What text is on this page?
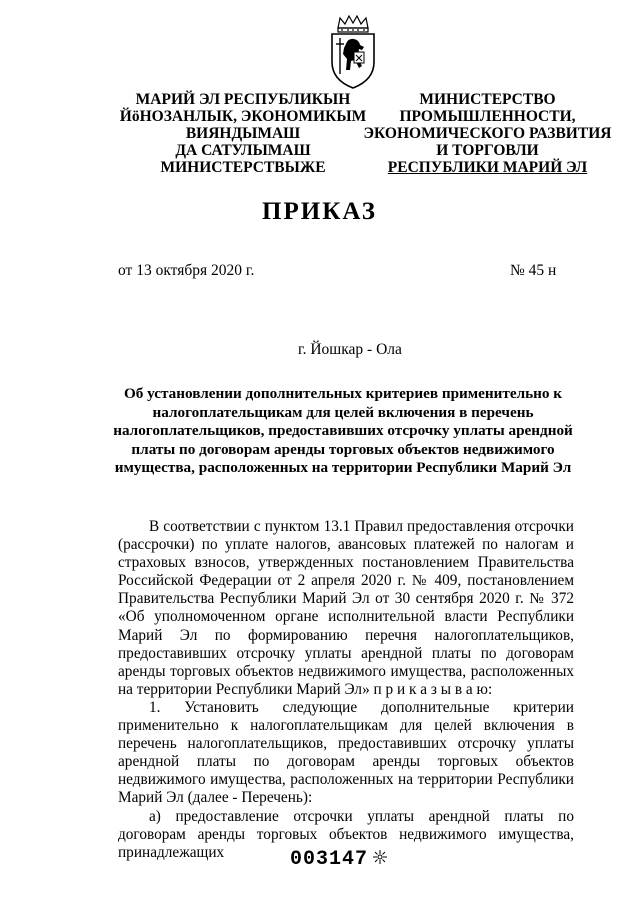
МАРИЙ ЭЛ РЕСПУБЛИКЫН
ЙӧНОЗАНЛЫК, ЭКОНОМИКЫМ
ВИЯНДЫМАШ
ДА САТУЛЫМАШ
МИНИСТЕРСТВЫЖЕ
МИНИСТЕРСТВО
ПРОМЫШЛЕННОСТИ,
ЭКОНОМИЧЕСКОГО РАЗВИТИЯ
И ТОРГОВЛИ
РЕСПУБЛИКИ МАРИЙ ЭЛ
ПРИКАЗ
от 13 октября 2020 г.	№ 45 н
г. Йошкар - Ола
Об установлении дополнительных критериев применительно к налогоплательщикам для целей включения в перечень налогоплательщиков, предоставивших отсрочку уплаты арендной платы по договорам аренды торговых объектов недвижимого имущества, расположенных на территории Республики Марий Эл

В соответствии с пунктом 13.1 Правил предоставления отсрочки (рассрочки) по уплате налогов, авансовых платежей по налогам и страховых взносов, утвержденных постановлением Правительства Российской Федерации от 2 апреля 2020 г. № 409, постановлением Правительства Республики Марий Эл от 30 сентября 2020 г. № 372 «Об уполномоченном органе исполнительной власти Республики Марий Эл по формированию перечня налогоплательщиков, предоставивших отсрочку уплаты арендной платы по договорам аренды торговых объектов недвижимого имущества, расположенных на территории Республики Марий Эл» п р и к а з ы в а ю:

1. Установить следующие дополнительные критерии применительно к налогоплательщикам для целей включения в перечень налогоплательщиков, предоставивших отсрочку уплаты арендной платы по договорам аренды торговых объектов недвижимого имущества, расположенных на территории Республики Марий Эл (далее - Перечень):

а) предоставление отсрочки уплаты арендной платы по договорам аренды торговых объектов недвижимого имущества, принадлежащих	003147
